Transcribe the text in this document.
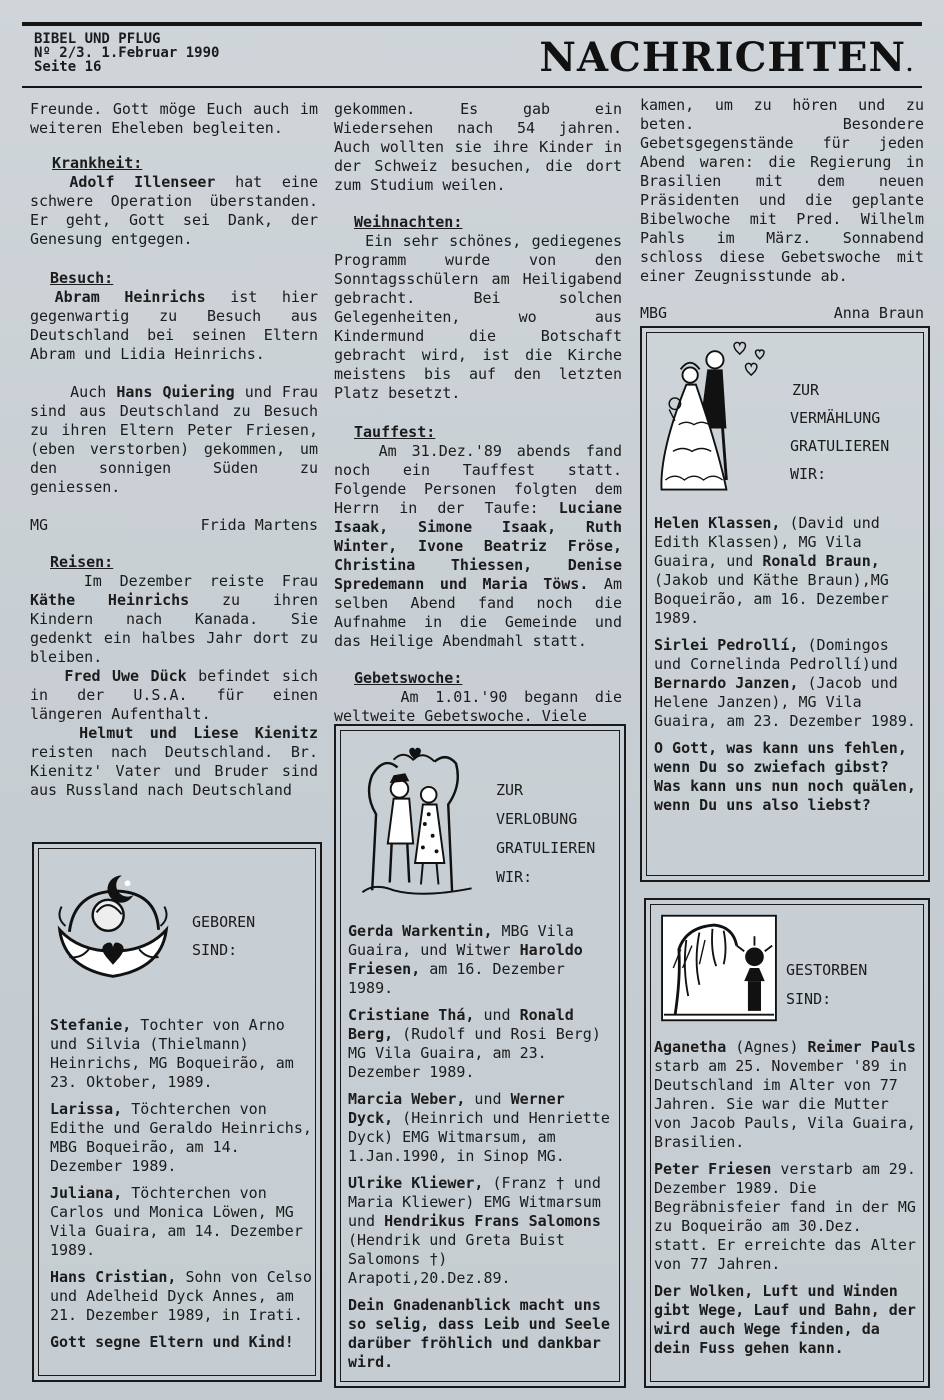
BIBEL UND PFLUG
Nº 2/3. 1.Februar 1990
Seite 16	NACHRICHTEN.

Freunde. Gott möge Euch auch im weiteren Eheleben begleiten.

Krankheit:

Adolf Illenseer hat eine schwere Operation überstanden. Er geht, Gott sei Dank, der Genesung entgegen.

Besuch:

Abram Heinrichs ist hier gegenwartig zu Besuch aus Deutschland bei seinen Eltern Abram und Lidia Heinrichs.

Auch Hans Quiering und Frau sind aus Deutschland zu Besuch zu ihren Eltern Peter Friesen, (eben verstorben) gekommen, um den sonnigen Süden zu geniessen.

MG	Frida Martens

Reisen:

Im Dezember reiste Frau Käthe Heinrichs zu ihren Kindern nach Kanada. Sie gedenkt ein halbes Jahr dort zu bleiben.

Fred Uwe Dück befindet sich in der U.S.A. für einen längeren Aufenthalt.

Helmut und Liese Kienitz reisten nach Deutschland. Br. Kienitz' Vater und Bruder sind aus Russland nach Deutschland

gekommen. Es gab ein Wiedersehen nach 54 jahren. Auch wollten sie ihre Kinder in der Schweiz besuchen, die dort zum Studium weilen.

Weihnachten:

Ein sehr schönes, gediegenes Programm wurde von den Sonntagsschülern am Heiligabend gebracht. Bei solchen Gelegenheiten, wo aus Kindermund die Botschaft gebracht wird, ist die Kirche meistens bis auf den letzten Platz besetzt.

Tauffest:

Am 31.Dez.'89 abends fand noch ein Tauffest statt. Folgende Personen folgten dem Herrn in der Taufe: Luciane Isaak, Simone Isaak, Ruth Winter, Ivone Beatriz Fröse, Christina Thiessen, Denise Spredemann und Maria Töws. Am selben Abend fand noch die Aufnahme in die Gemeinde und das Heilige Abendmahl statt.

Gebetswoche:

Am 1.01.'90 begann die weltweite Gebetswoche. Viele

kamen, um zu hören und zu beten. Besondere Gebetsgegenstände für jeden Abend waren: die Regierung in Brasilien mit dem neuen Präsidenten und die geplante Bibelwoche mit Pred. Wilhelm Pahls im März. Sonnabend schloss diese Gebetswoche mit einer Zeugnisstunde ab.

MBG	Anna Braun
GEBOREN
SIND:

Stefanie, Tochter von Arno und Silvia (Thielmann) Heinrichs, MG Boqueirão, am 23. Oktober, 1989.

Larissa, Töchterchen von Edithe und Geraldo Heinrichs, MBG Boqueirão, am 14. Dezember 1989.

Juliana, Töchterchen von Carlos und Monica Löwen, MG Vila Guaira, am 14. Dezember 1989.

Hans Cristian, Sohn von Celso und Adelheid Dyck Annes, am 21. Dezember 1989, in Irati.

Gott segne Eltern und Kind!

ZUR
VERLOBUNG
GRATULIEREN
WIR:

Gerda Warkentin, MBG Vila Guaira, und Witwer Haroldo Friesen, am 16. Dezember 1989.

Cristiane Thá, und Ronald Berg, (Rudolf und Rosi Berg) MG Vila Guaira, am 23. Dezember 1989.

Marcia Weber, und Werner Dyck, (Heinrich und Henriette Dyck) EMG Witmarsum, am 1.Jan.1990, in Sinop MG.

Ulrike Kliewer, (Franz † und Maria Kliewer) EMG Witmarsum und Hendrikus Frans Salomons (Hendrik und Greta Buist Salomons †) Arapoti,20.Dez.89.

Dein Gnadenanblick macht uns so selig, dass Leib und Seele darüber fröhlich und dankbar wird.

ZUR
VERMÄHLUNG
GRATULIEREN
WIR:

Helen Klassen, (David und Edith Klassen), MG Vila Guaira, und Ronald Braun, (Jakob und Käthe Braun),MG Boqueirão, am 16. Dezember 1989.

Sirlei Pedrollí, (Domingos und Cornelinda Pedrollí)und Bernardo Janzen, (Jacob und Helene Janzen), MG Vila Guaira, am 23. Dezember 1989.

O Gott, was kann uns fehlen, wenn Du so zwiefach gibst? Was kann uns nun noch quälen, wenn Du uns also liebst?

GESTORBEN
SIND:

Aganetha (Agnes) Reimer Pauls starb am 25. November '89 in Deutschland im Alter von 77 Jahren. Sie war die Mutter von Jacob Pauls, Vila Guaira, Brasilien.

Peter Friesen verstarb am 29. Dezember 1989. Die Begräbnisfeier fand in der MG zu Boqueirão am 30.Dez. statt. Er erreichte das Alter von 77 Jahren.

Der Wolken, Luft und Winden gibt Wege, Lauf und Bahn, der wird auch Wege finden, da dein Fuss gehen kann.
